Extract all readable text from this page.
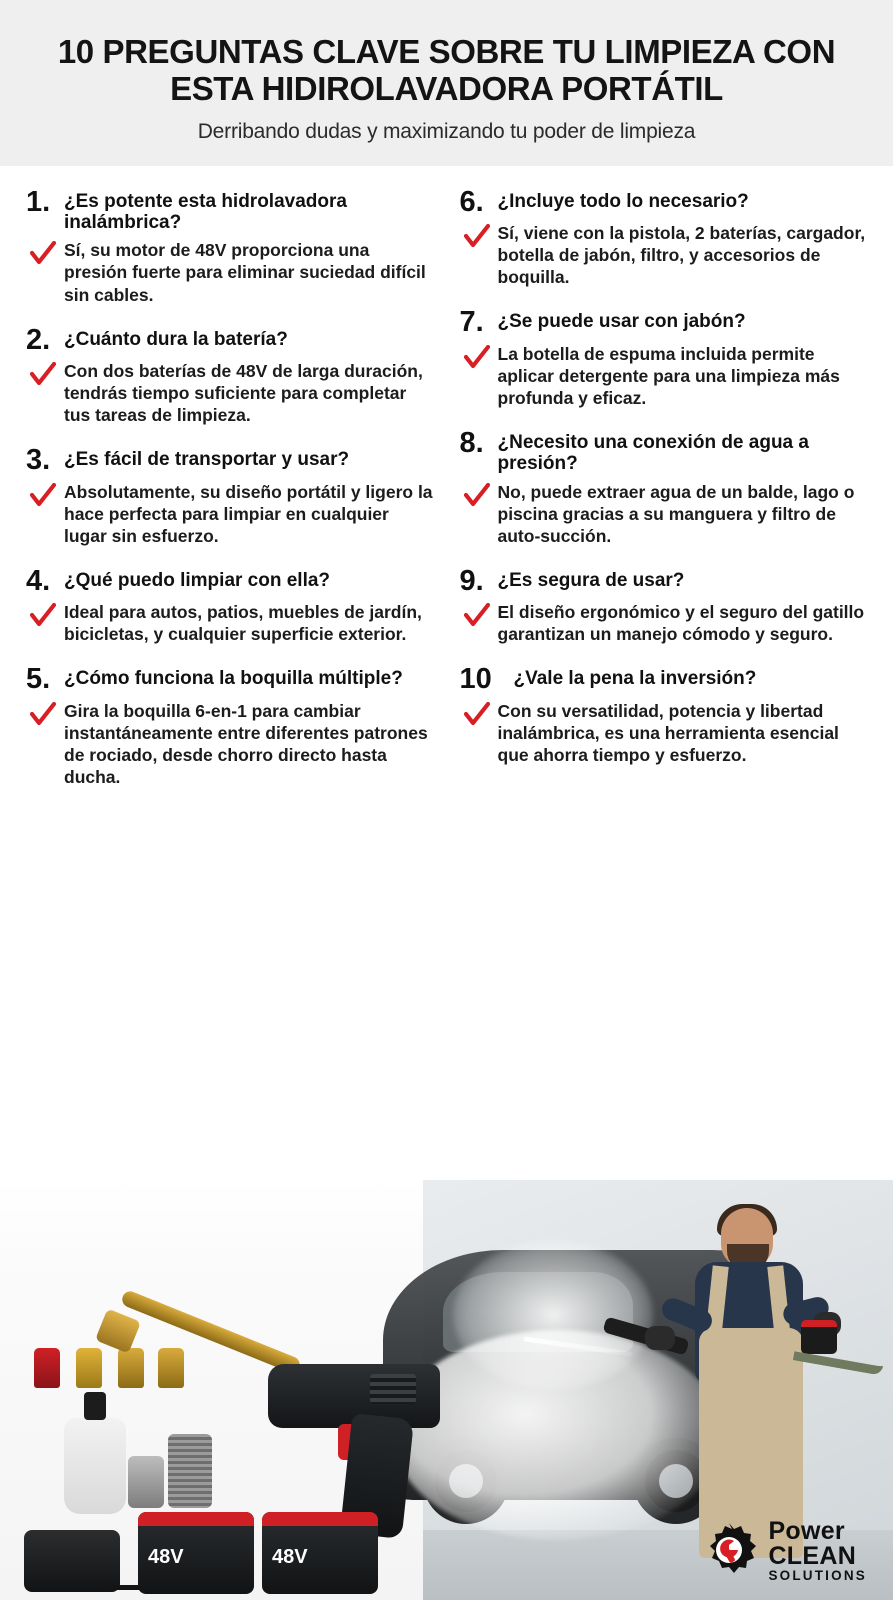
10 PREGUNTAS CLAVE SOBRE TU LIMPIEZA CON ESTA HIDIROLAVADORA PORTÁTIL
Derribando dudas y maximizando tu poder de limpieza
1. ¿Es potente esta hidrolavadora inalámbrica?
Sí, su motor de 48V proporciona una presión fuerte para eliminar suciedad difícil sin cables.
2. ¿Cuánto dura la batería?
Con dos baterías de 48V de larga duración, tendrás tiempo suficiente para completar tus tareas de limpieza.
3. ¿Es fácil de transportar y usar?
Absolutamente, su diseño portátil y ligero la hace perfecta para limpiar en cualquier lugar sin esfuerzo.
4. ¿Qué puedo limpiar con ella?
Ideal para autos, patios, muebles de jardín, bicicletas, y cualquier superficie exterior.
5. ¿Cómo funciona la boquilla múltiple?
Gira la boquilla 6-en-1 para cambiar instantáneamente entre diferentes patrones de rociado, desde chorro directo hasta ducha.
6. ¿Incluye todo lo necesario?
Sí, viene con la pistola, 2 baterías, cargador, botella de jabón, filtro, y accesorios de boquilla.
7. ¿Se puede usar con jabón?
La botella de espuma incluida permite aplicar detergente para una limpieza más profunda y eficaz.
8. ¿Necesito una conexión de agua a presión?
No, puede extraer agua de un balde, lago o piscina gracias a su manguera y filtro de auto-succión.
9. ¿Es segura de usar?
El diseño ergonómico y el seguro del gatillo garantizan un manejo cómodo y seguro.
10	¿Vale la pena la inversión?
Con su versatilidad, potencia y libertad inalámbrica, es una herramienta esencial que ahorra tiempo y esfuerzo.
48V	48V
Power
CLEAN
SOLUTIONS
